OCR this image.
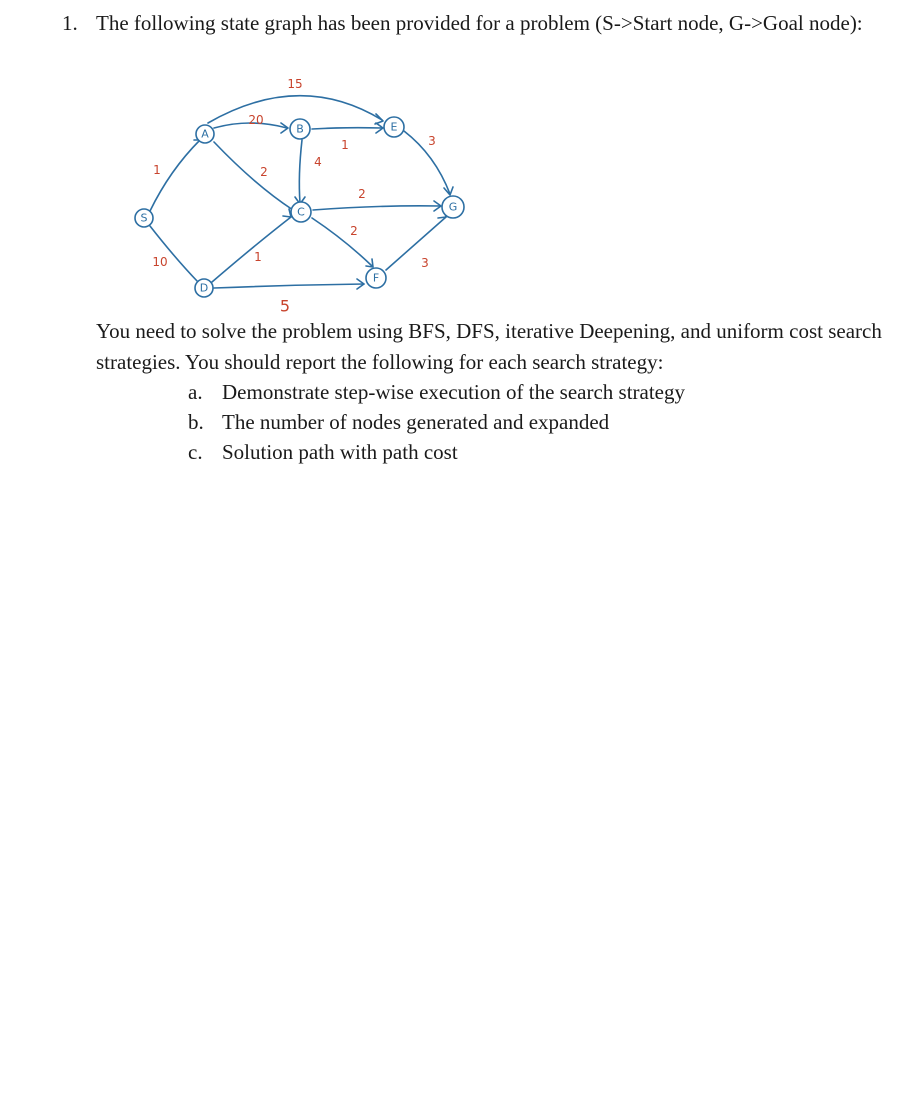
1. The following state graph has been provided for a problem (S->Start node, G->Goal node):
S
A	B
C
D
E
F
G
1
10
20
15
2
4
1
2
2
1
5
3
3
You need to solve the problem using BFS, DFS, iterative Deepening, and uniform cost search strategies. You should report the following for each search strategy:
a. Demonstrate step-wise execution of the search strategy
b. The number of nodes generated and expanded
c. Solution path with path cost
